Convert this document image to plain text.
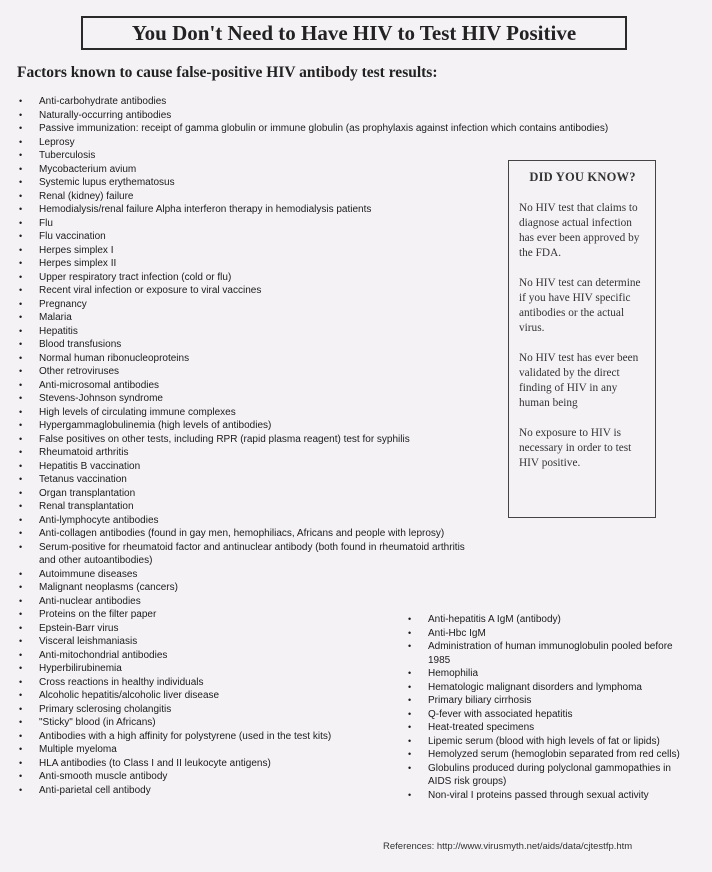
You Don't Need to Have HIV to Test HIV Positive
Factors known to cause false-positive HIV antibody test results:
• Anti-carbohydrate antibodies
• Naturally-occurring antibodies
• Passive immunization: receipt of gamma globulin or immune globulin (as prophylaxis against infection which contains antibodies)
• Leprosy
• Tuberculosis
• Mycobacterium avium
• Systemic lupus erythematosus
• Renal (kidney) failure
• Hemodialysis/renal failure Alpha interferon therapy in hemodialysis patients
• Flu
• Flu vaccination
• Herpes simplex I
• Herpes simplex II
• Upper respiratory tract infection (cold or flu)
• Recent viral infection or exposure to viral vaccines
• Pregnancy
• Malaria
• Hepatitis
• Blood transfusions
• Normal human ribonucleoproteins
• Other retroviruses
• Anti-microsomal antibodies
• Stevens-Johnson syndrome
• High levels of circulating immune complexes
• Hypergammaglobulinemia (high levels of antibodies)
• False positives on other tests, including RPR (rapid plasma reagent) test for syphilis
• Rheumatoid arthritis
• Hepatitis B vaccination
• Tetanus vaccination
• Organ transplantation
• Renal transplantation
• Anti-lymphocyte antibodies
• Anti-collagen antibodies (found in gay men, hemophiliacs, Africans and people with leprosy)
• Serum-positive for rheumatoid factor and antinuclear antibody (both found in rheumatoid arthritis and other autoantibodies)
• Autoimmune diseases
• Malignant neoplasms (cancers)
• Anti-nuclear antibodies
• Proteins on the filter paper
• Epstein-Barr virus
• Visceral leishmaniasis
• Anti-mitochondrial antibodies
• Hyperbilirubinemia
• Cross reactions in healthy individuals
• Alcoholic hepatitis/alcoholic liver disease
• Primary sclerosing cholangitis
• "Sticky" blood (in Africans)
• Antibodies with a high affinity for polystyrene (used in the test kits)
• Multiple myeloma
• HLA antibodies (to Class I and II leukocyte antigens)
• Anti-smooth muscle antibody
• Anti-parietal cell antibody
• Anti-hepatitis A IgM (antibody)
• Anti-Hbc IgM
• Administration of human immunoglobulin pooled before 1985
• Hemophilia
• Hematologic malignant disorders and lymphoma
• Primary biliary cirrhosis
• Q-fever with associated hepatitis
• Heat-treated specimens
• Lipemic serum (blood with high levels of fat or lipids)
• Hemolyzed serum (hemoglobin separated from red cells)
• Globulins produced during polyclonal gammopathies in AIDS risk groups)
• Non-viral I proteins passed through sexual activity
DID YOU KNOW?

No HIV test that claims to diagnose actual infection has ever been approved by the FDA.

No HIV test can determine if you have HIV specific antibodies or the actual virus.

No HIV test has ever been validated by the direct finding of HIV in any human being

No exposure to HIV is necessary in order to test HIV positive.

References: http://www.virusmyth.net/aids/data/cjtestfp.htm
